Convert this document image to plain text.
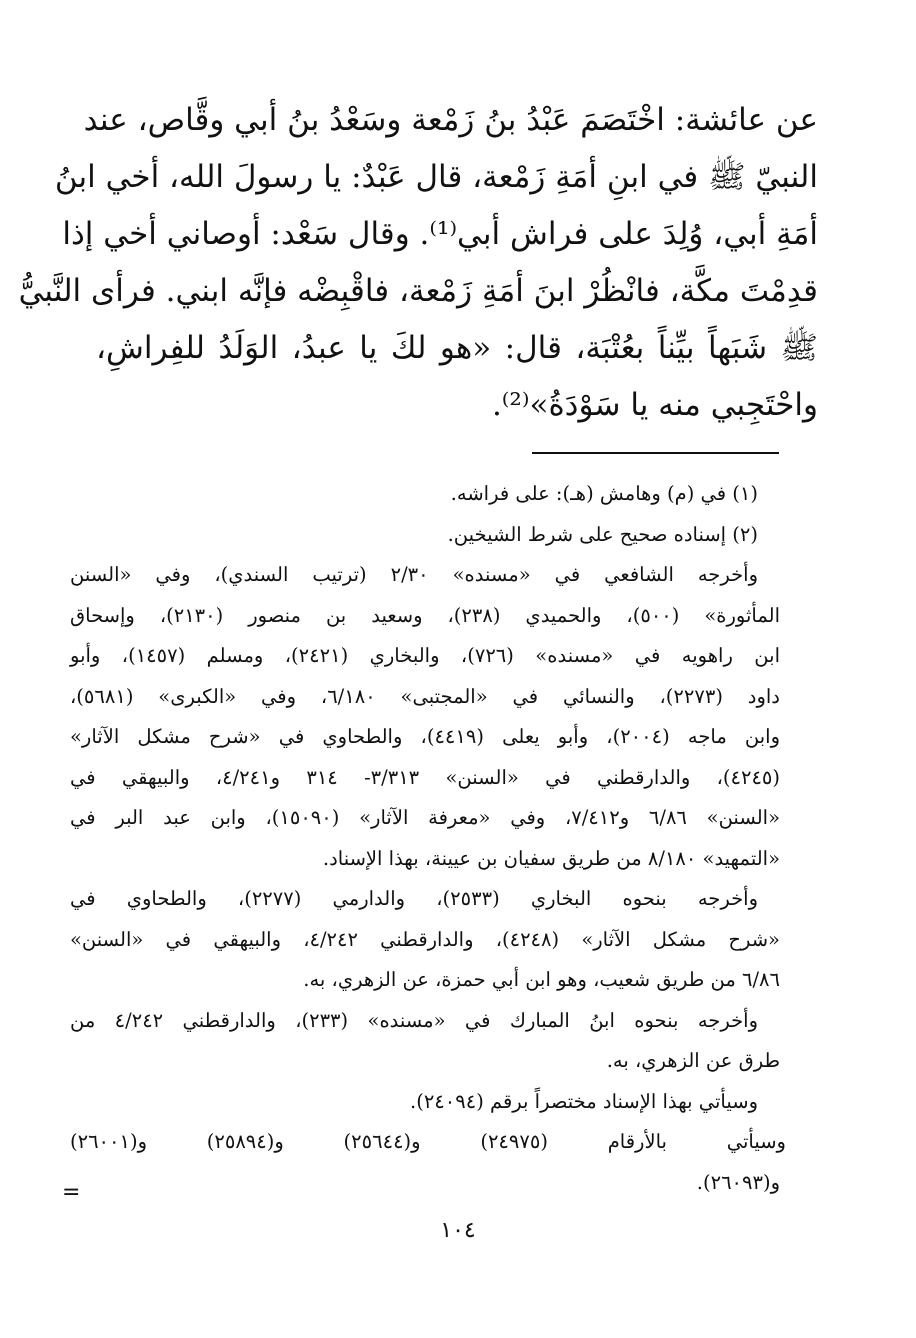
عن عائشة: اخْتَصَمَ عَبْدُ بنُ زَمْعة وسَعْدُ بنُ أبي وقَّاص، عند
النبيّ ﷺ في ابنِ أمَةِ زَمْعة، قال عَبْدٌ: يا رسولَ الله، أخي ابنُ
أمَةِ أبي، وُلِدَ على فراش أبي⁽¹⁾. وقال سَعْد: أوصاني أخي إذا
قدِمْتَ مكَّة، فانْظُرْ ابنَ أمَةِ زَمْعة، فاقْبِضْه فإنَّه ابني. فرأى النَّبيُّ
ﷺ شَبَهاً بيِّناً بعُتْبَة، قال: «هو لكَ يا عبدُ، الوَلَدُ للفِراشِ،
واحْتَجِبي منه يا سَوْدَةُ»⁽²⁾.
(١) في (م) وهامش (هـ): على فراشه.
(٢) إسناده صحيح على شرط الشيخين.
وأخرجه الشافعي في «مسنده» ٢/٣٠ (ترتيب السندي)، وفي «السنن
المأثورة» (٥٠٠)، والحميدي (٢٣٨)، وسعيد بن منصور (٢١٣٠)، وإسحاق
ابن راهويه في «مسنده» (٧٢٦)، والبخاري (٢٤٢١)، ومسلم (١٤٥٧)، وأبو
داود (٢٢٧٣)، والنسائي في «المجتبى» ٦/١٨٠، وفي «الكبرى» (٥٦٨١)،
وابن ماجه (٢٠٠٤)، وأبو يعلى (٤٤١٩)، والطحاوي في «شرح مشكل الآثار»
(٤٢٤٥)، والدارقطني في «السنن» ٣/٣١٣- ٣١٤ و٤/٢٤١، والبيهقي في
«السنن» ٦/٨٦ و٧/٤١٢، وفي «معرفة الآثار» (١٥٠٩٠)، وابن عبد البر في
«التمهيد» ٨/١٨٠ من طريق سفيان بن عيينة، بهذا الإسناد.
وأخرجه بنحوه البخاري (٢٥٣٣)، والدارمي (٢٢٧٧)، والطحاوي في
«شرح مشكل الآثار» (٤٢٤٨)، والدارقطني ٤/٢٤٢، والبيهقي في «السنن»
٦/٨٦ من طريق شعيب، وهو ابن أبي حمزة، عن الزهري، به.
وأخرجه بنحوه ابنُ المبارك في «مسنده» (٢٣٣)، والدارقطني ٤/٢٤٢ من
طرق عن الزهري، به.
وسيأتي بهذا الإسناد مختصراً برقم (٢٤٠٩٤).
وسيأتي بالأرقام (٢٤٩٧٥) و(٢٥٦٤٤) و(٢٥٨٩٤) و(٢٦٠٠١)
و(٢٦٠٩٣).
=
١٠٤
